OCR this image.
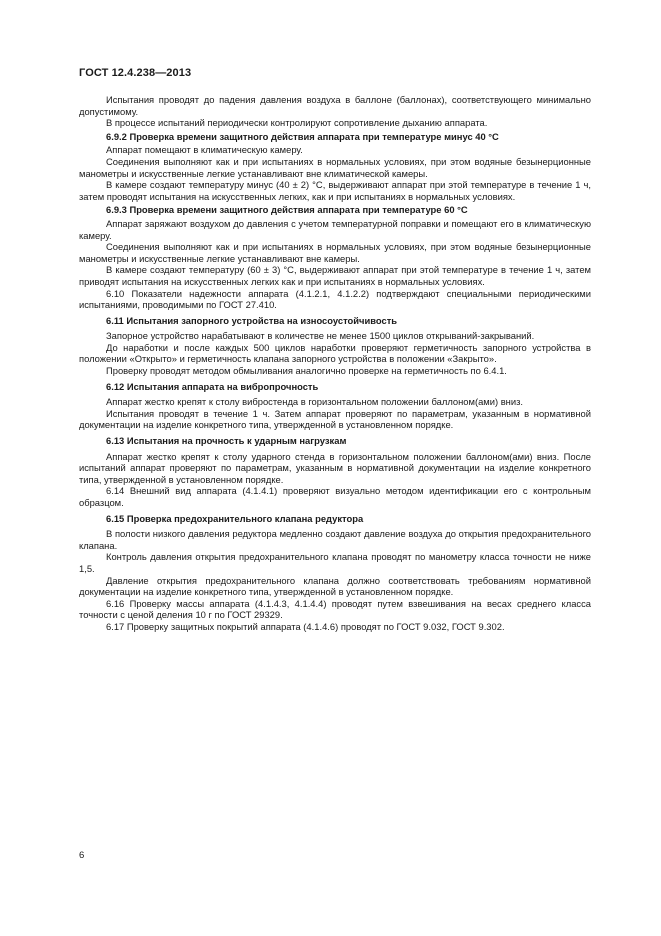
ГОСТ 12.4.238—2013

Испытания проводят до падения давления воздуха в баллоне (баллонах), соответствующего минимально допустимому.

В процессе испытаний периодически контролируют сопротивление дыханию аппарата.

6.9.2 Проверка времени защитного действия аппарата при температуре минус 40 °С

Аппарат помещают в климатическую камеру.

Соединения выполняют как и при испытаниях в нормальных условиях, при этом водяные безынерционные манометры и искусственные легкие устанавливают вне климатической камеры.

В камере создают температуру минус (40 ± 2) °С, выдерживают аппарат при этой температуре в течение 1 ч, затем проводят испытания на искусственных легких, как и при испытаниях в нормальных условиях.

6.9.3 Проверка времени защитного действия аппарата при температуре 60 °С

Аппарат заряжают воздухом до давления с учетом температурной поправки и помещают его в климатическую камеру.

Соединения выполняют как и при испытаниях в нормальных условиях, при этом водяные безынерционные манометры и искусственные легкие устанавливают вне камеры.

В камере создают температуру (60 ± 3) °С, выдерживают аппарат при этой температуре в течение 1 ч, затем приводят испытания на искусственных легких как и при испытаниях в нормальных условиях.

6.10 Показатели надежности аппарата (4.1.2.1, 4.1.2.2) подтверждают специальными периодическими испытаниями, проводимыми по ГОСТ 27.410.

6.11 Испытания запорного устройства на износоустойчивость

Запорное устройство нарабатывают в количестве не менее 1500 циклов открываний-закрываний.

До наработки и после каждых 500 циклов наработки проверяют герметичность запорного устройства в положении «Открыто» и герметичность клапана запорного устройства в положении «Закрыто».

Проверку проводят методом обмыливания аналогично проверке на герметичность по 6.4.1.

6.12 Испытания аппарата на вибропрочность

Аппарат жестко крепят к столу вибростенда в горизонтальном положении баллоном(ами) вниз.

Испытания проводят в течение 1 ч. Затем аппарат проверяют по параметрам, указанным в нормативной документации на изделие конкретного типа, утвержденной в установленном порядке.

6.13 Испытания на прочность к ударным нагрузкам

Аппарат жестко крепят к столу ударного стенда в горизонтальном положении баллоном(ами) вниз. После испытаний аппарат проверяют по параметрам, указанным в нормативной документации на изделие конкретного типа, утвержденной в установленном порядке.

6.14 Внешний вид аппарата (4.1.4.1) проверяют визуально методом идентификации его с контрольным образцом.

6.15 Проверка предохранительного клапана редуктора

В полости низкого давления редуктора медленно создают давление воздуха до открытия предохранительного клапана.

Контроль давления открытия предохранительного клапана проводят по манометру класса точности не ниже 1,5.

Давление открытия предохранительного клапана должно соответствовать требованиям нормативной документации на изделие конкретного типа, утвержденной в установленном порядке.

6.16 Проверку массы аппарата (4.1.4.3, 4.1.4.4) проводят путем взвешивания на весах среднего класса точности с ценой деления 10 г по ГОСТ 29329.

6.17 Проверку защитных покрытий аппарата (4.1.4.6) проводят по ГОСТ 9.032, ГОСТ 9.302.

6
